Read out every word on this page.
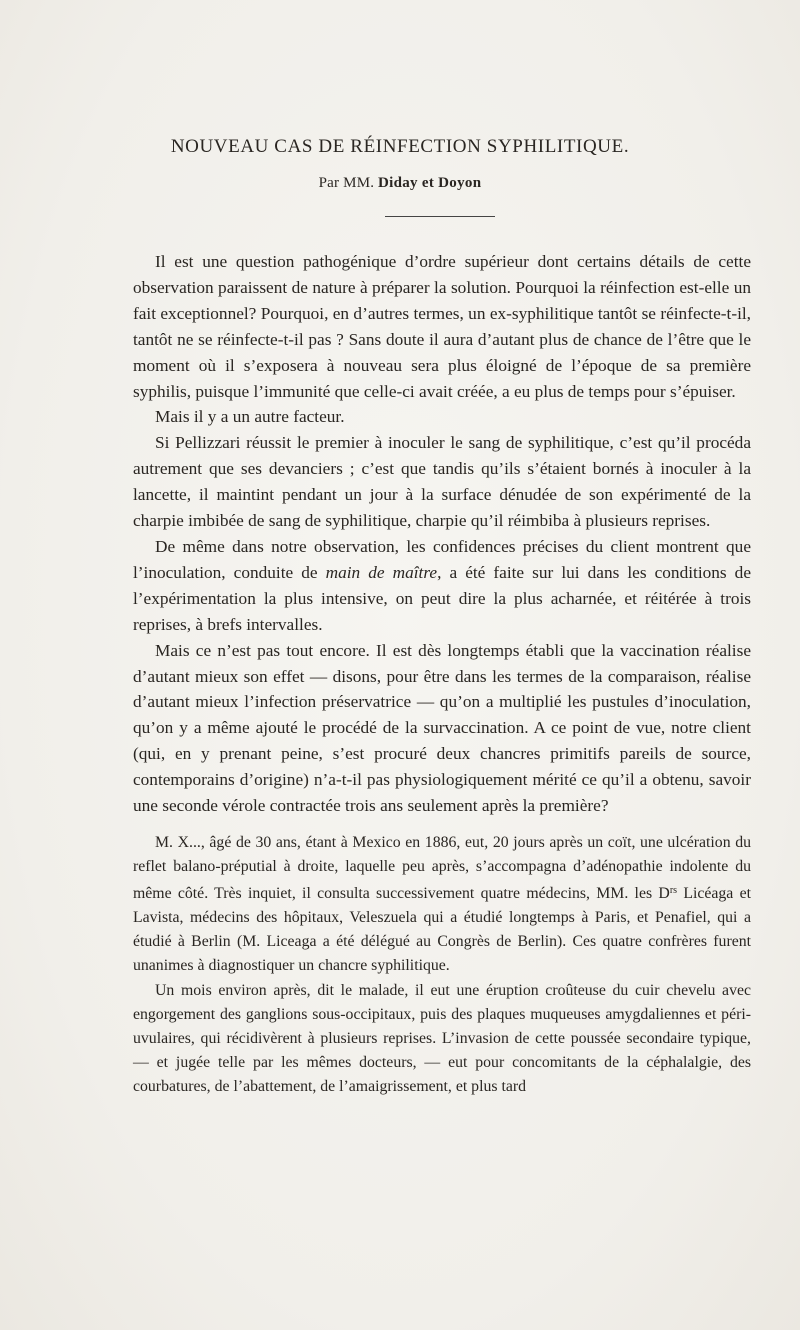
NOUVEAU CAS DE RÉINFECTION SYPHILITIQUE.
Par MM. Diday et Doyon

Il est une question pathogénique d’ordre supérieur dont certains détails de cette observation paraissent de nature à préparer la solution. Pourquoi la réinfection est-elle un fait exceptionnel? Pourquoi, en d’autres termes, un ex-syphilitique tantôt se réinfecte-t-il, tantôt ne se réinfecte-t-il pas ? Sans doute il aura d’autant plus de chance de l’être que le moment où il s’exposera à nouveau sera plus éloigné de l’époque de sa première syphilis, puisque l’immunité que celle-ci avait créée, a eu plus de temps pour s’épuiser.

Mais il y a un autre facteur.

Si Pellizzari réussit le premier à inoculer le sang de syphilitique, c’est qu’il procéda autrement que ses devanciers ; c’est que tandis qu’ils s’étaient bornés à inoculer à la lancette, il maintint pendant un jour à la surface dénudée de son expérimenté de la charpie imbibée de sang de syphilitique, charpie qu’il réimbiba à plusieurs reprises.

De même dans notre observation, les confidences précises du client montrent que l’inoculation, conduite de main de maître, a été faite sur lui dans les conditions de l’expérimentation la plus intensive, on peut dire la plus acharnée, et réitérée à trois reprises, à brefs intervalles.

Mais ce n’est pas tout encore. Il est dès longtemps établi que la vaccination réalise d’autant mieux son effet — disons, pour être dans les termes de la comparaison, réalise d’autant mieux l’infection préservatrice — qu’on a multiplié les pustules d’inoculation, qu’on y a même ajouté le procédé de la survaccination. A ce point de vue, notre client (qui, en y prenant peine, s’est procuré deux chancres primitifs pareils de source, contemporains d’origine) n’a-t-il pas physiologiquement mérité ce qu’il a obtenu, savoir une seconde vérole contractée trois ans seulement après la première?

M. X..., âgé de 30 ans, étant à Mexico en 1886, eut, 20 jours après un coït, une ulcération du reflet balano-préputial à droite, laquelle peu après, s’accompagna d’adénopathie indolente du même côté. Très inquiet, il consulta successivement quatre médecins, MM. les $D^{rs}$ Licéaga et Lavista, médecins des hôpitaux, Veleszuela qui a étudié longtemps à Paris, et Penafiel, qui a étudié à Berlin (M. Liceaga a été délégué au Congrès de Berlin). Ces quatre confrères furent unanimes à diagnostiquer un chancre syphilitique.

Un mois environ après, dit le malade, il eut une éruption croûteuse du cuir chevelu avec engorgement des ganglions sous-occipitaux, puis des plaques muqueuses amygdaliennes et péri-uvulaires, qui récidivèrent à plusieurs reprises. L’invasion de cette poussée secondaire typique, — et jugée telle par les mêmes docteurs, — eut pour concomitants de la céphalalgie, des courbatures, de l’abattement, de l’amaigrissement, et plus tard
